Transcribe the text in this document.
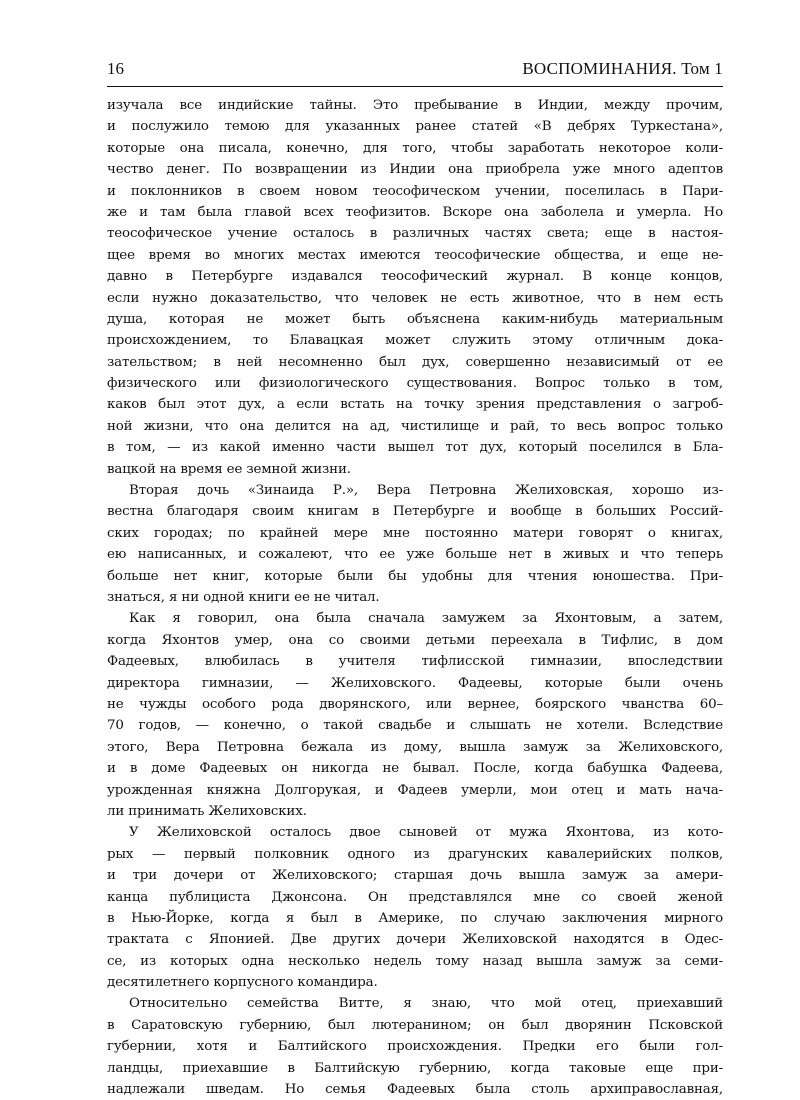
16	ВОСПОМИНАНИЯ. Том 1
изучала все индийские тайны. Это пребывание в Индии, между прочим,
и послужило темою для указанных ранее статей «В дебрях Туркестана»,
которые она писала, конечно, для того, чтобы заработать некоторое коли-
чество денег. По возвращении из Индии она приобрела уже много адептов
и поклонников в своем новом теософическом учении, поселилась в Пари-
же и там была главой всех теофизитов. Вскоре она заболела и умерла. Но
теософическое учение осталось в различных частях света; еще в настоя-
щее время во многих местах имеются теософические общества, и еще не-
давно в Петербурге издавался теософический журнал. В конце концов,
если нужно доказательство, что человек не есть животное, что в нем есть
душа, которая не может быть объяснена каким-нибудь материальным
происхождением, то Блавацкая может служить этому отличным дока-
зательством; в ней несомненно был дух, совершенно независимый от ее
физического или физиологического существования. Вопрос только в том,
каков был этот дух, а если встать на точку зрения представления о загроб-
ной жизни, что она делится на ад, чистилище и рай, то весь вопрос только
в том, — из какой именно части вышел тот дух, который поселился в Бла-
вацкой на время ее земной жизни.
Вторая дочь «Зинаида Р.», Вера Петровна Желиховская, хорошо из-
вестна благодаря своим книгам в Петербурге и вообще в больших Россий-
ских городах; по крайней мере мне постоянно матери говорят о книгах,
ею написанных, и сожалеют, что ее уже больше нет в живых и что теперь
больше нет книг, которые были бы удобны для чтения юношества. При-
знаться, я ни одной книги ее не читал.
Как я говорил, она была сначала замужем за Яхонтовым, а затем,
когда Яхонтов умер, она со своими детьми переехала в Тифлис, в дом
Фадеевых, влюбилась в учителя тифлисской гимназии, впоследствии
директора гимназии, — Желиховского. Фадеевы, которые были очень
не чужды особого рода дворянского, или вернее, боярского чванства 60–
70 годов, — конечно, о такой свадьбе и слышать не хотели. Вследствие
этого, Вера Петровна бежала из дому, вышла замуж за Желиховского,
и в доме Фадеевых он никогда не бывал. После, когда бабушка Фадеева,
урожденная княжна Долгорукая, и Фадеев умерли, мои отец и мать нача-
ли принимать Желиховских.
У Желиховской осталось двое сыновей от мужа Яхонтова, из кото-
рых — первый полковник одного из драгунских кавалерийских полков,
и три дочери от Желиховского; старшая дочь вышла замуж за амери-
канца публициста Джонсона. Он представлялся мне со своей женой
в Нью-Йорке, когда я был в Америке, по случаю заключения мирного
трактата с Японией. Две других дочери Желиховской находятся в Одес-
се, из которых одна несколько недель тому назад вышла замуж за семи-
десятилетнего корпусного командира.
Относительно семейства Витте, я знаю, что мой отец, приехавший
в Саратовскую губернию, был лютеранином; он был дворянин Псковской
губернии, хотя и Балтийского происхождения. Предки его были гол-
ландцы, приехавшие в Балтийскую губернию, когда таковые еще при-
надлежали шведам. Но семья Фадеевых была столь архиправославная,
